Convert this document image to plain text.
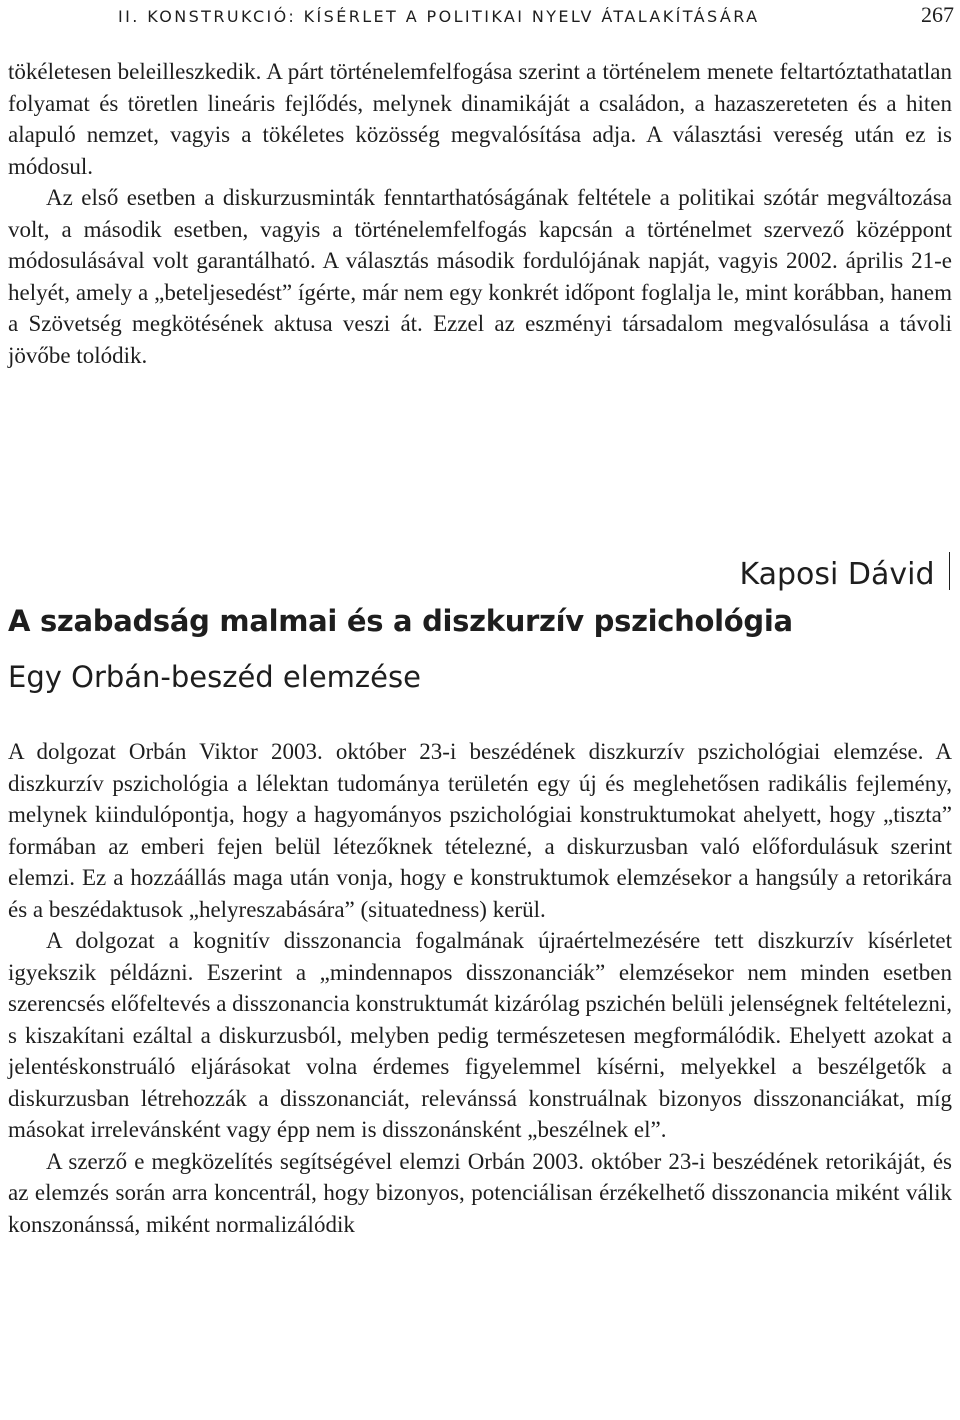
II. KONSTRUKCIÓ: KÍSÉRLET A POLITIKAI NYELV ÁTALAKÍTÁSÁRA	267

tökéletesen beleilleszkedik. A párt történelemfelfogása szerint a történelem menete feltartóztathatatlan folyamat és töretlen lineáris fejlődés, melynek dinamikáját a családon, a hazaszereteten és a hiten alapuló nemzet, vagyis a tökéletes közösség megvalósítása adja. A választási vereség után ez is módosul.

Az első esetben a diskurzusminták fenntarthatóságának feltétele a politikai szótár megváltozása volt, a második esetben, vagyis a történelemfelfogás kapcsán a történelmet szervező középpont módosulásával volt garantálható. A választás második fordulójának napját, vagyis 2002. április 21-e helyét, amely a „beteljesedést” ígérte, már nem egy konkrét időpont foglalja le, mint korábban, hanem a Szövetség megkötésének aktusa veszi át. Ezzel az eszményi társadalom megvalósulása a távoli jövőbe tolódik.

Kaposi Dávid
A szabadság malmai és a diszkurzív pszichológia
Egy Orbán-beszéd elemzése

A dolgozat Orbán Viktor 2003. október 23-i beszédének diszkurzív pszichológiai elemzése. A diszkurzív pszichológia a lélektan tudománya területén egy új és meglehetősen radikális fejlemény, melynek kiindulópontja, hogy a hagyományos pszichológiai konstruktumokat ahelyett, hogy „tiszta” formában az emberi fejen belül létezőknek tételezné, a diskurzusban való előfordulásuk szerint elemzi. Ez a hozzáállás maga után vonja, hogy e konstruktumok elemzésekor a hangsúly a retorikára és a beszédaktusok „helyreszabására” (situatedness) kerül.

A dolgozat a kognitív disszonancia fogalmának újraértelmezésére tett diszkurzív kísérletet igyekszik példázni. Eszerint a „mindennapos disszonanciák” elemzésekor nem minden esetben szerencsés előfeltevés a disszonancia konstruktumát kizárólag pszichén belüli jelenségnek feltételezni, s kiszakítani ezáltal a diskurzusból, melyben pedig természetesen megformálódik. Ehelyett azokat a jelentéskonstruáló eljárásokat volna érdemes figyelemmel kísérni, melyekkel a beszélgetők a diskurzusban létrehozzák a disszonanciát, relevánssá konstruálnak bizonyos disszonanciákat, míg másokat irrelevánsként vagy épp nem is disszonánsként „beszélnek el”.

A szerző e megközelítés segítségével elemzi Orbán 2003. október 23-i beszédének retorikáját, és az elemzés során arra koncentrál, hogy bizonyos, potenciálisan érzékelhető disszonancia miként válik konszonánssá, miként normalizálódik
